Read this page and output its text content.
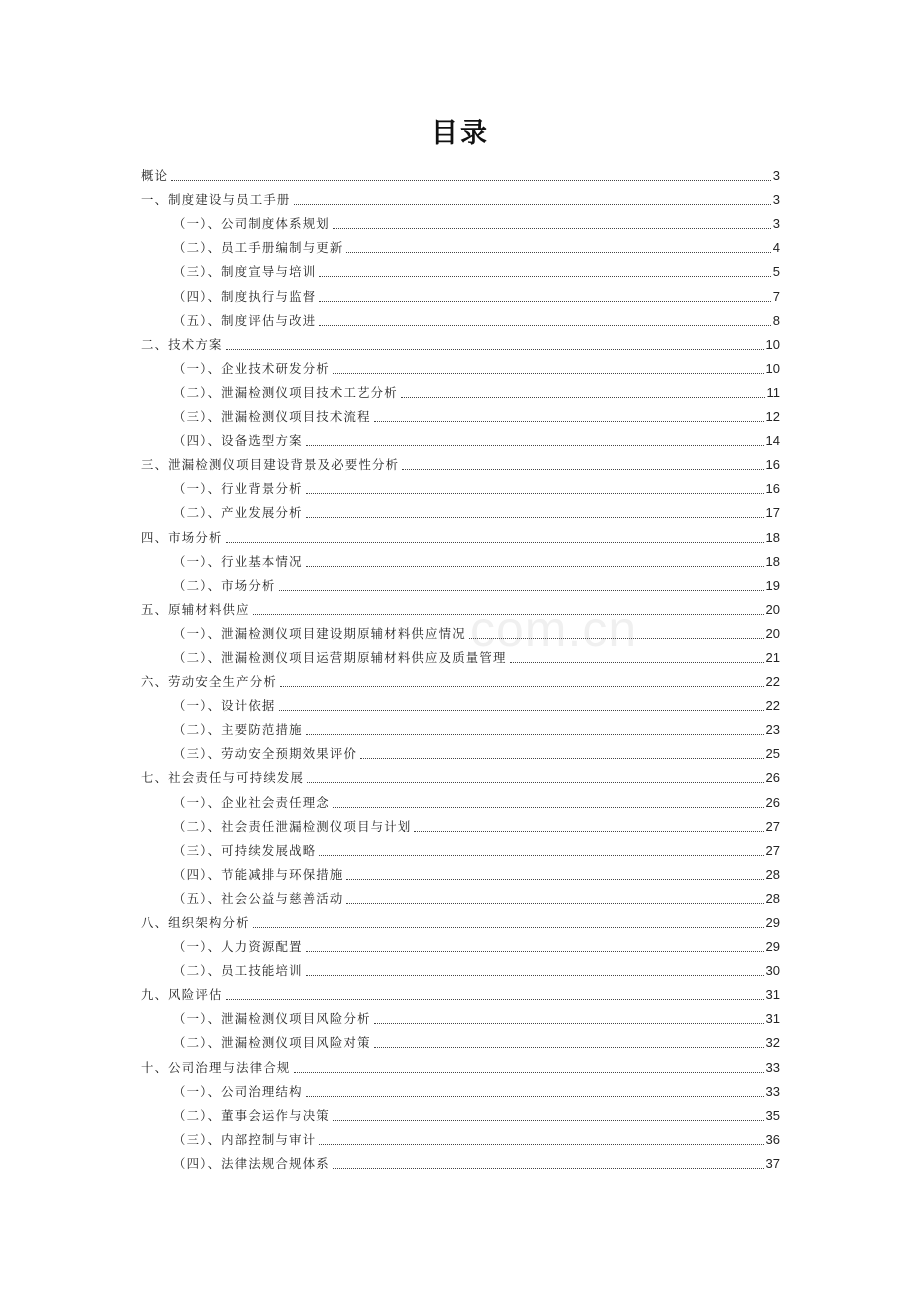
目录
com.cn
概论	3
一、制度建设与员工手册	3
（一）、公司制度体系规划	3
（二）、员工手册编制与更新	4
（三）、制度宣导与培训	5
（四）、制度执行与监督	7
（五）、制度评估与改进	8
二、技术方案	10
（一）、企业技术研发分析	10
（二）、泄漏检测仪项目技术工艺分析	11
（三）、泄漏检测仪项目技术流程	12
（四）、设备选型方案	14
三、泄漏检测仪项目建设背景及必要性分析	16
（一）、行业背景分析	16
（二）、产业发展分析	17
四、市场分析	18
（一）、行业基本情况	18
（二）、市场分析	19
五、原辅材料供应	20
（一）、泄漏检测仪项目建设期原辅材料供应情况	20
（二）、泄漏检测仪项目运营期原辅材料供应及质量管理	21
六、劳动安全生产分析	22
（一）、设计依据	22
（二）、主要防范措施	23
（三）、劳动安全预期效果评价	25
七、社会责任与可持续发展	26
（一）、企业社会责任理念	26
（二）、社会责任泄漏检测仪项目与计划	27
（三）、可持续发展战略	27
（四）、节能减排与环保措施	28
（五）、社会公益与慈善活动	28
八、组织架构分析	29
（一）、人力资源配置	29
（二）、员工技能培训	30
九、风险评估	31
（一）、泄漏检测仪项目风险分析	31
（二）、泄漏检测仪项目风险对策	32
十、公司治理与法律合规	33
（一）、公司治理结构	33
（二）、董事会运作与决策	35
（三）、内部控制与审计	36
（四）、法律法规合规体系	37
